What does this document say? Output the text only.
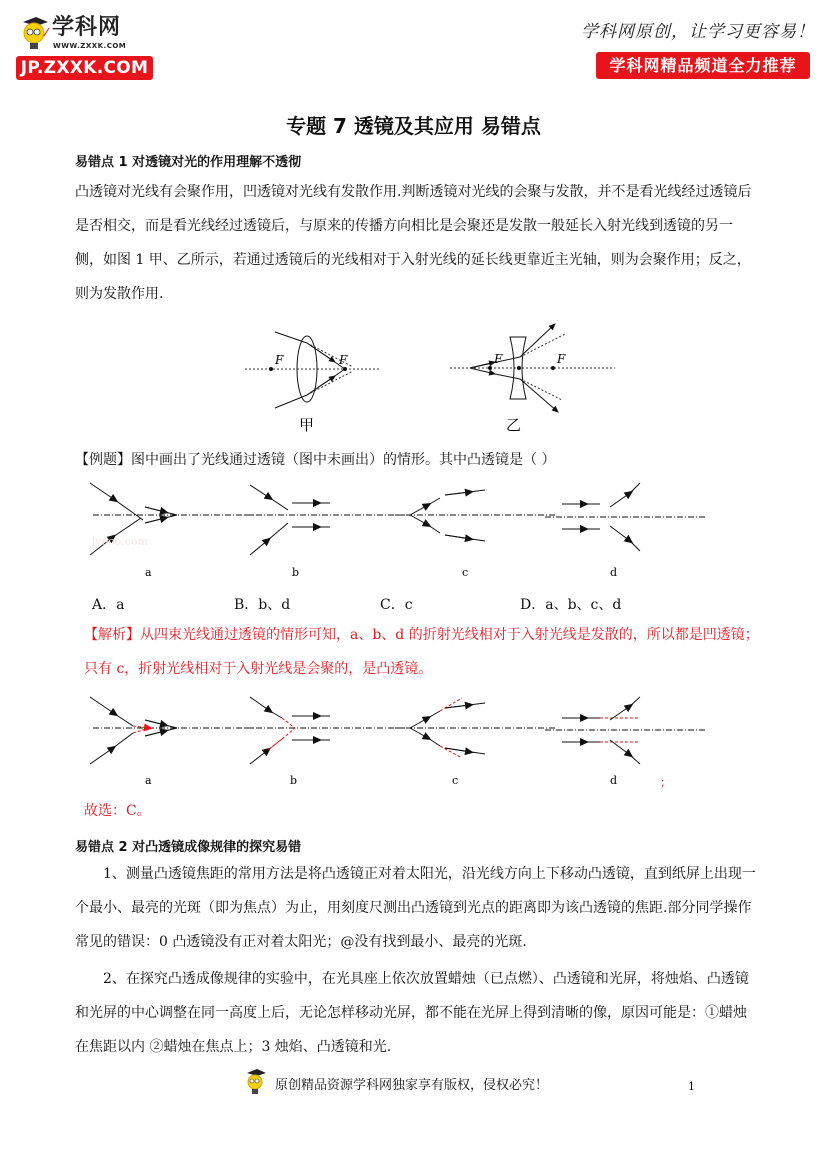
学科网
WWW.ZXXK.COM
JP.ZXXK.COM
学科网原创，让学习更容易！
学科网精品频道全力推荐
专题 7 透镜及其应用 易错点
易错点 1 对透镜对光的作用理解不透彻
凸透镜对光线有会聚作用，凹透镜对光线有发散作用.判断透镜对光线的会聚与发散，并不是看光线经过透镜后是否相交，而是看光线经过透镜后，与原来的传播方向相比是会聚还是发散一般延长入射光线到透镜的另一侧，如图 1 甲、乙所示，若通过透镜后的光线相对于入射光线的延长线更靠近主光轴，则为会聚作用；反之，则为发散作用.
F	F
甲
F	F
乙
【例题】图中画出了光线通过透镜（图中未画出）的情形。其中凸透镜是（ ）
Jyeoo.com
a	b	c	d
A．a	B．b、d	C．c	D．a、b、c、d
【解析】从四束光线通过透镜的情形可知，a、b、d 的折射光线相对于入射光线是发散的，所以都是凹透镜；只有 c，折射光线相对于入射光线是会聚的，是凸透镜。
a	b	c	d	；
故选：C。
易错点 2 对凸透镜成像规律的探究易错
1、测量凸透镜焦距的常用方法是将凸透镜正对着太阳光，沿光线方向上下移动凸透镜，直到纸屏上出现一个最小、最亮的光斑（即为焦点）为止，用刻度尺测出凸透镜到光点的距离即为该凸透镜的焦距.部分同学操作常见的错误：0 凸透镜没有正对着太阳光；@没有找到最小、最亮的光斑.
2、在探究凸透成像规律的实验中，在光具座上依次放置蜡烛（已点燃）、凸透镜和光屏，将烛焰、凸透镜和光屏的中心调整在同一高度上后，无论怎样移动光屏，都不能在光屏上得到清晰的像，原因可能是：①蜡烛在焦距以内 ②蜡烛在焦点上；3 烛焰、凸透镜和光.
原创精品资源学科网独家享有版权，侵权必究！	1
